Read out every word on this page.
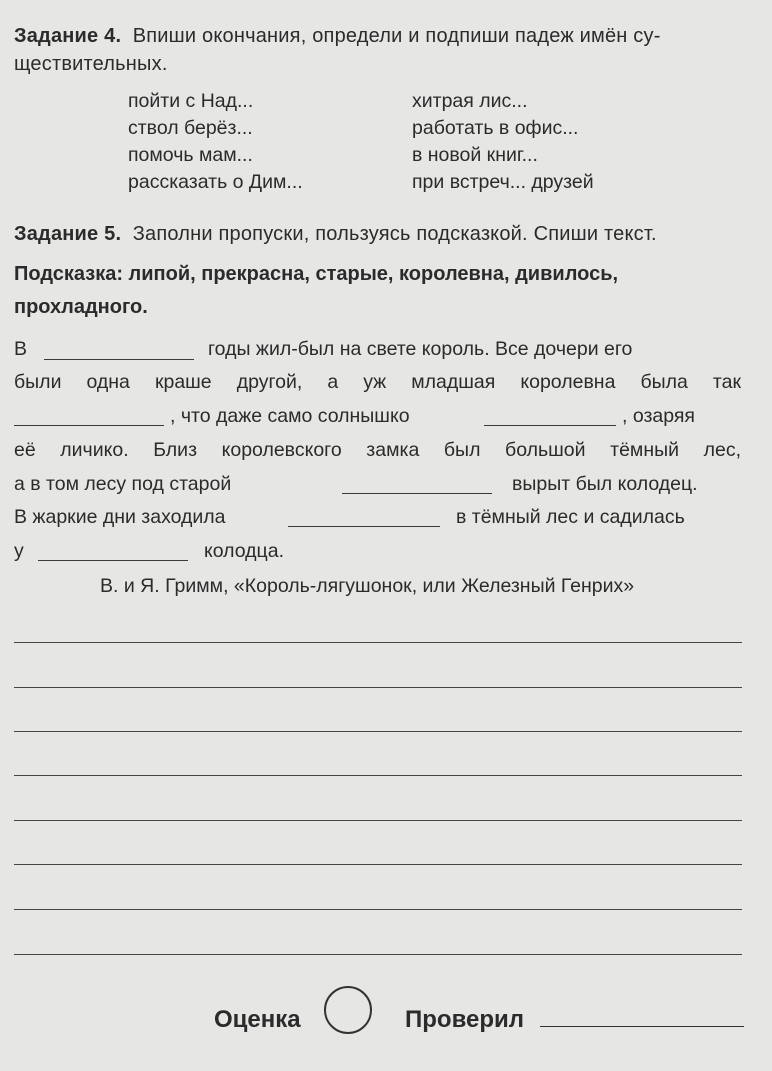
Задание 4. Впиши окончания, определи и подпиши падеж имён су-
ществительных.
пойти с Над...
ствол берёз...
помочь мам...
рассказать о Дим...
хитрая лис...
работать в офис...
в новой книг...
при встреч... друзей
Задание 5. Заполни пропуски, пользуясь подсказкой. Спиши текст.
Подсказка: липой, прекрасна, старые, королевна, дивилось,
прохладного.
В	годы жил-был на свете король. Все дочери его
были одна краше другой, а уж младшая королевна была так
, что даже само солнышко	, озаряя
её личико. Близ королевского замка был большой тёмный лес,
а в том лесу под старой	вырыт был колодец.
В жаркие дни заходила	в тёмный лес и садилась
у	колодца.
В. и Я. Гримм, «Король-лягушонок, или Железный Генрих»
Оценка	Проверил
